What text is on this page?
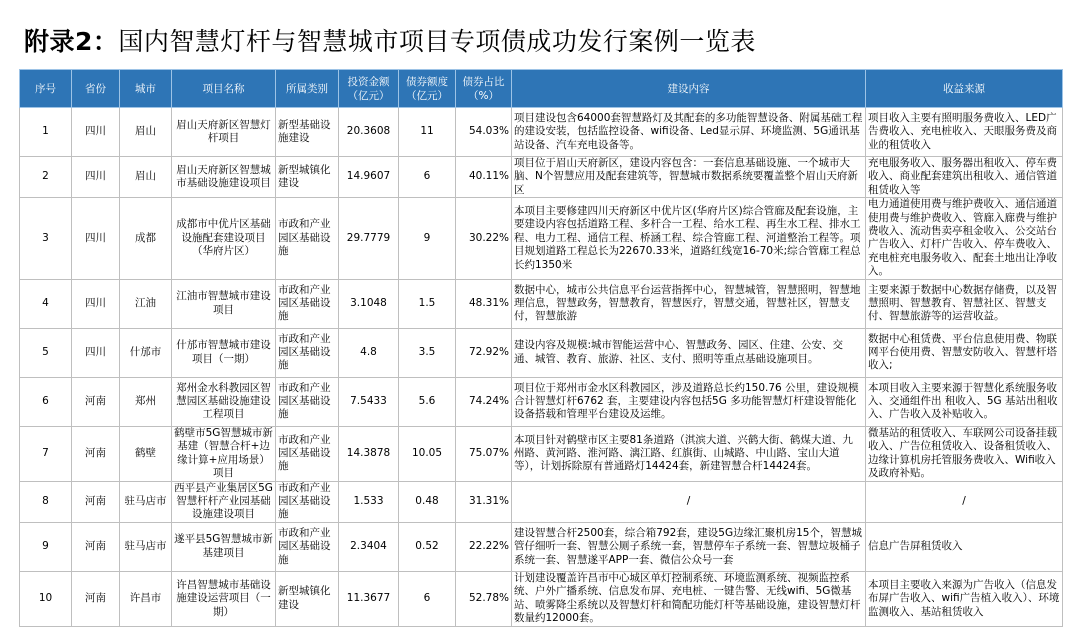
附录2：国内智慧灯杆与智慧城市项目专项债成功发行案例一览表
序号	省份	城市	项目名称	所属类别	投资金额（亿元）	债券额度（亿元）	债券占比（%）	建设内容	收益来源
1	四川	眉山	眉山天府新区智慧灯杆项目	新型基础设施建设	20.3608	11	54.03%	项目建设包含64000套智慧路灯及其配套的多功能智慧设备、附属基础工程的建设安装，包括监控设备、wifi设备、Led显示屏、环境监测、5G通讯基站设备、汽车充电设备等。	项目收入主要有照明服务费收入、LED广告费收入、充电桩收入、天眼服务费及商业的租赁收入
2	四川	眉山	眉山天府新区智慧城市基础设施建设项目	新型城镇化建设	14.9607	6	40.11%	项目位于眉山天府新区，建设内容包含：一套信息基础设施、一个城市大脑、N个智慧应用及配套建筑等，智慧城市数据系统要覆盖整个眉山天府新区	充电服务收入、服务器出租收入、停车费收入、商业配套建筑出租收入、通信管道租赁收入等
3	四川	成都	成都市中优片区基础设施配套建设项目（华府片区）	市政和产业园区基础设施	29.7779	9	30.22%	本项目主要修建四川天府新区中优片区(华府片区)综合管廊及配套设施，主要建设内容包括道路工程、多杆合一工程、给水工程、再生水工程、排水工程、电力工程、通信工程、桥涵工程、综合管廊工程、河道整治工程等。项目规划道路工程总长为22670.33米，道路红线宽16-70米;综合管廊工程总长约1350米	电力通道使用费与维护费收入、通信通道使用费与维护费收入、管廊入廊费与维护费收入、流动售卖亭租金收入、公交站台广告收入、灯杆广告收入、停车费收入、充电桩充电服务收入、配套土地出让净收入。
4	四川	江油	江油市智慧城市建设项目	市政和产业园区基础设施	3.1048	1.5	48.31%	数据中心，城市公共信息平台运营指挥中心，智慧城管，智慧照明，智慧地理信息，智慧政务，智慧教育，智慧医疗，智慧交通，智慧社区，智慧支付，智慧旅游	主要来源于数据中心数据存储费，以及智慧照明、智慧教育、智慧社区、智慧支付、智慧旅游等的运营收益。
5	四川	什邡市	什邡市智慧城市建设项目（一期）	市政和产业园区基础设施	4.8	3.5	72.92%	建设内容及规模:城市智能运营中心、智慧政务、园区、住建、公安、交通、城管、教育、旅游、社区、支付、照明等重点基础设施项目。	数据中心租赁费、平台信息使用费、物联网平台使用费、智慧安防收入、智慧杆塔收入;
6	河南	郑州	郑州金水科教园区智慧园区基础设施建设工程项目	市政和产业园区基础设施	7.5433	5.6	74.24%	项目位于郑州市金水区科教园区，涉及道路总长约150.76 公里，建设规模合计智慧灯杆6762 套，主要建设内容包括5G 多功能智慧灯杆建设智能化设备搭载和管理平台建设及运维。	本项目收入主要来源于智慧化系统服务收入、交通组件出 租收入、5G 基站出租收入、广告收入及补贴收入。
7	河南	鹤壁	鹤壁市5G智慧城市新基建（智慧合杆+边缘计算+应用场景）项目	市政和产业园区基础设施	14.3878	10.05	75.07%	本项目针对鹤壁市区主要81条道路（淇滨大道、兴鹤大街、鹤煤大道、九州路、黄河路、淮河路、漓江路、红旗街、山城路、中山路、宝山大道等），计划拆除原有普通路灯14424套，新建智慧合杆14424套。	微基站的租赁收入、车联网公司设备挂载收入、广告位租赁收入、设备租赁收入、边缘计算机房托管服务费收入、Wifi收入及政府补贴。
8	河南	驻马店市	西平县产业集居区5G智慧杆杆产业园基础设施建设项目	市政和产业园区基础设施	1.533	0.48	31.31%	/	/
9	河南	驻马店市	遂平县5G智慧城市新基建项目	市政和产业园区基础设施	2.3404	0.52	22.22%	建设智慧合杆2500套，综合箱792套，建设5G边缘汇聚机房15个，智慧城管仔细听一套、智慧公厕子系统一套，智慧停车子系统一套、智慧垃圾桶子系统一套、智慧遂平APP一套、微信公众号一套	信息广告屏租赁收入
10	河南	许昌市	许昌智慧城市基础设施建设运营项目（一期）	新型城镇化建设	11.3677	6	52.78%	计划建设覆盖许昌市中心城区单灯控制系统、环境监测系统、视频监控系统、户外广播系统、信息发布屏、充电桩、一键告警、无线wifi、5G微基站、喷雾降尘系统以及智慧灯杆和简配功能灯杆等基础设施，建设智慧灯杆数量约12000套。	本项目主要收入来源为广告收入（信息发布屏广告收入、wifi广告植入收入）、环境监测收入、基站租赁收入
